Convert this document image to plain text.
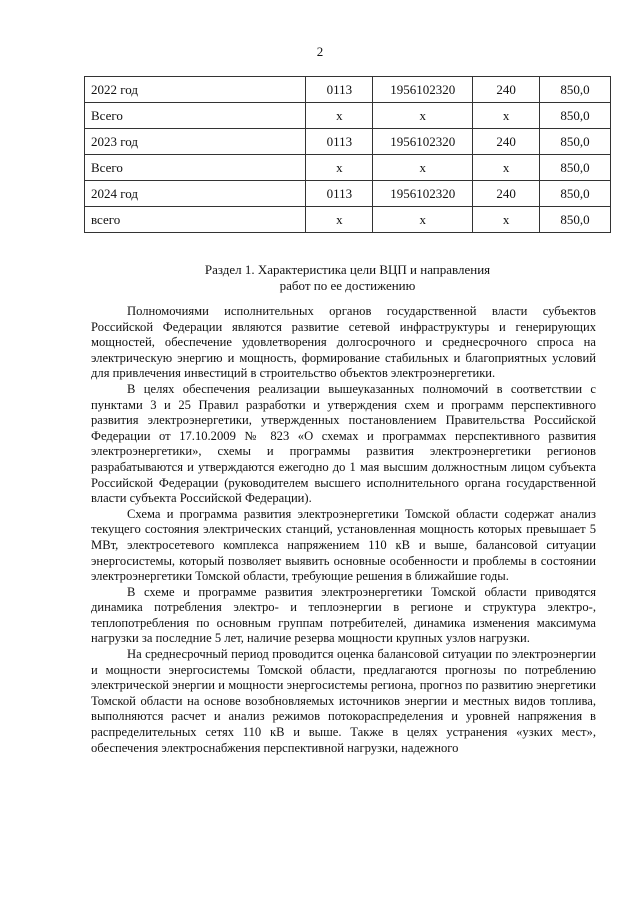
2
2022 год	0113	1956102320	240	850,0
Всего	х	х	х	850,0
2023 год	0113	1956102320	240	850,0
Всего	х	х	х	850,0
2024 год	0113	1956102320	240	850,0
всего	х	х	х	850,0
Раздел 1. Характеристика цели ВЦП и направления
работ по ее достижению

Полномочиями исполнительных органов государственной власти субъектов Российской Федерации являются развитие сетевой инфраструктуры и генерирующих мощностей, обеспечение удовлетворения долгосрочного и среднесрочного спроса на электрическую энергию и мощность, формирование стабильных и благоприятных условий для привлечения инвестиций в строительство объектов электроэнергетики.

В целях обеспечения реализации вышеуказанных полномочий в соответствии с пунктами 3 и 25 Правил разработки и утверждения схем и программ перспективного развития электроэнергетики, утвержденных постановлением Правительства Российской Федерации от 17.10.2009 № 823 «О схемах и программах перспективного развития электроэнергетики», схемы и программы развития электроэнергетики регионов разрабатываются и утверждаются ежегодно до 1 мая высшим должностным лицом субъекта Российской Федерации (руководителем высшего исполнительного органа государственной власти субъекта Российской Федерации).

Схема и программа развития электроэнергетики Томской области содержат анализ текущего состояния электрических станций, установленная мощность которых превышает 5 МВт, электросетевого комплекса напряжением 110 кВ и выше, балансовой ситуации энергосистемы, который позволяет выявить основные особенности и проблемы в состоянии электроэнергетики Томской области, требующие решения в ближайшие годы.

В схеме и программе развития электроэнергетики Томской области приводятся динамика потребления электро- и теплоэнергии в регионе и структура электро-, теплопотребления по основным группам потребителей, динамика изменения максимума нагрузки за последние 5 лет, наличие резерва мощности крупных узлов нагрузки.

На среднесрочный период проводится оценка балансовой ситуации по электроэнергии и мощности энергосистемы Томской области, предлагаются прогнозы по потреблению электрической энергии и мощности энергосистемы региона, прогноз по развитию энергетики Томской области на основе возобновляемых источников энергии и местных видов топлива, выполняются расчет и анализ режимов потокораспределения и уровней напряжения в распределительных сетях 110 кВ и выше. Также в целях устранения «узких мест», обеспечения электроснабжения перспективной нагрузки, надежного
